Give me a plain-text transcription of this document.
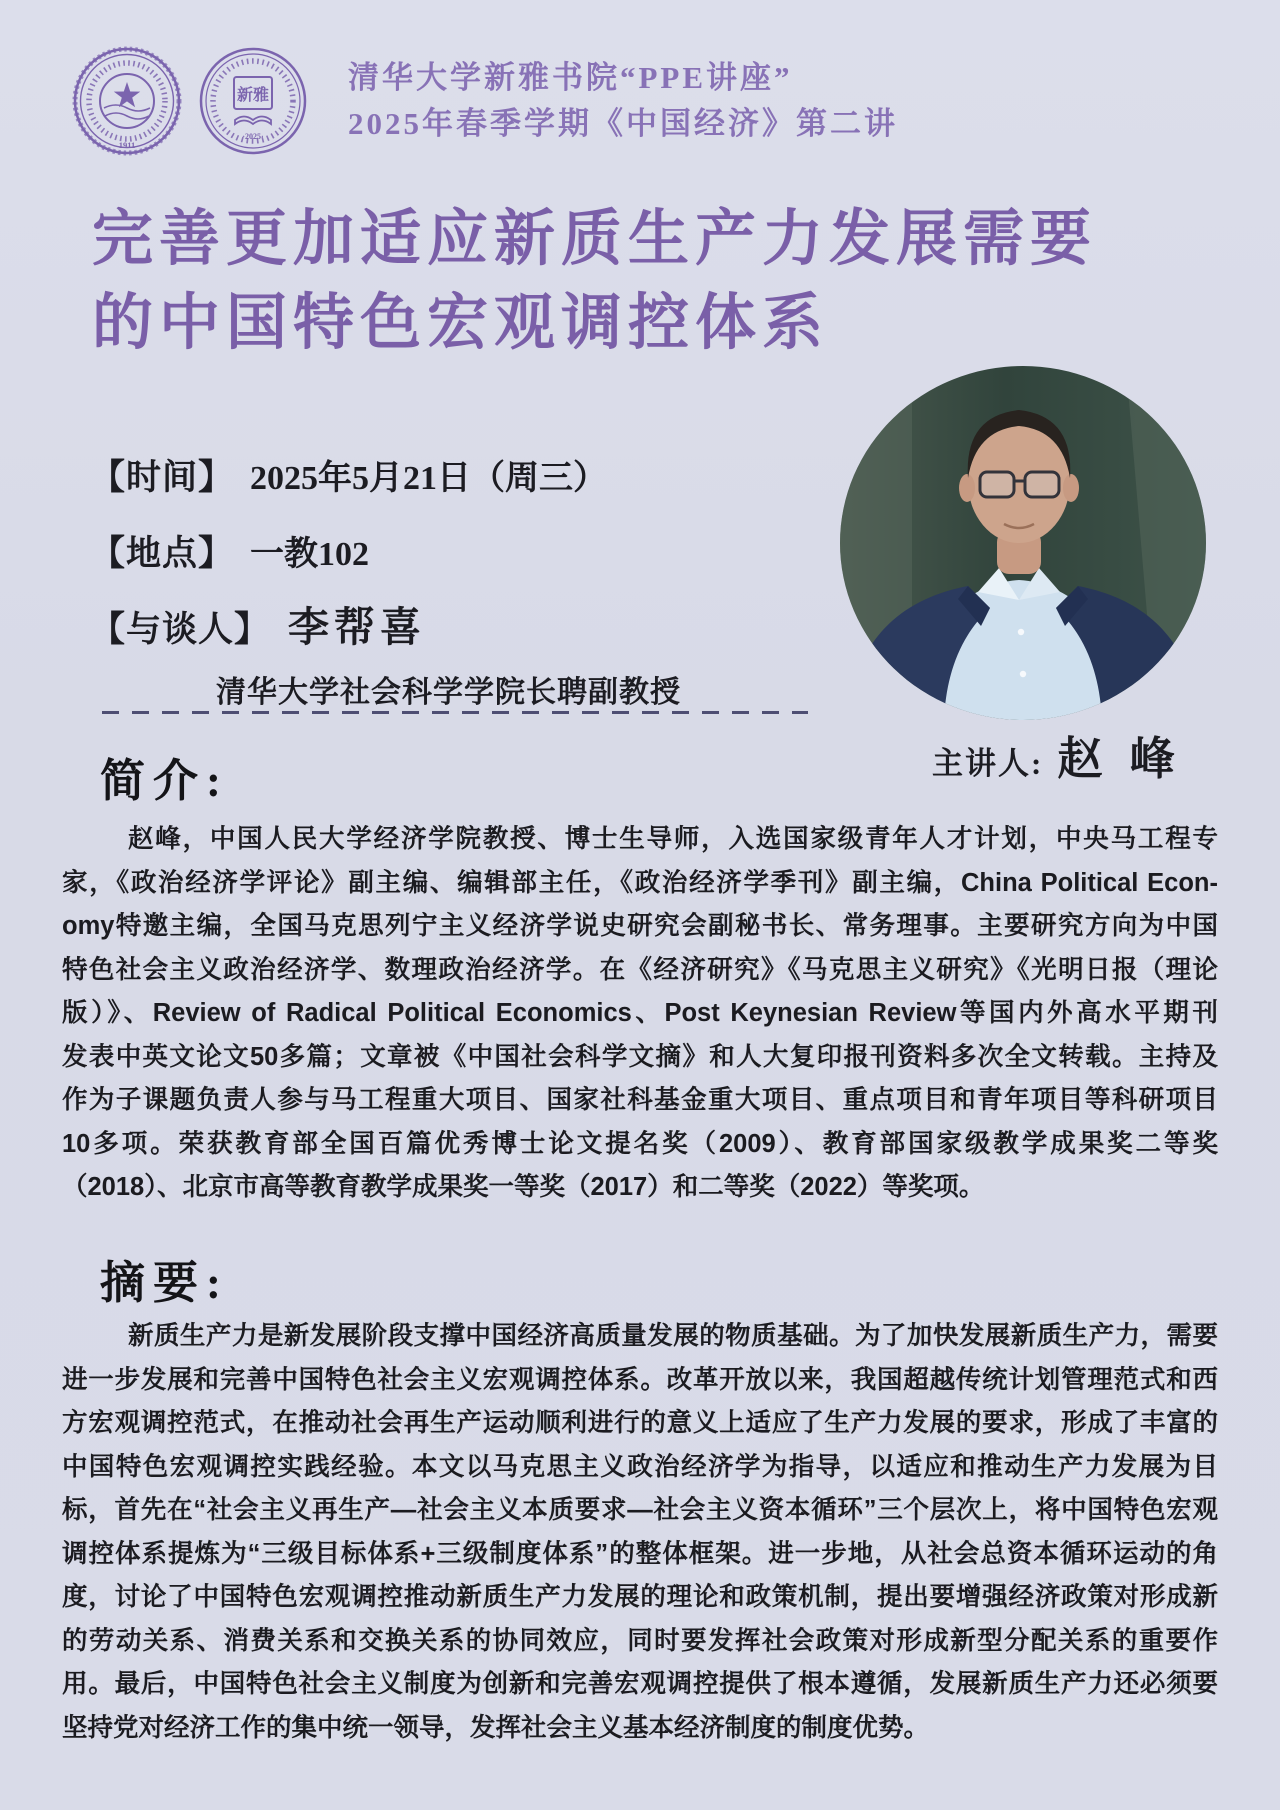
1911
新雅
·2025·
清华大学新雅书院“PPE讲座”
2025年春季学期《中国经济》第二讲
完善更加适应新质生产力发展需要
的中国特色宏观调控体系
【时间】 2025年5月21日（周三）
【地点】 一教102
【与谈人】 李帮喜
清华大学社会科学学院长聘副教授
主讲人: 赵 峰
简介:
赵峰，中国人民大学经济学院教授、博士生导师，入选国家级青年人才计划，中央马工程专
家，《政治经济学评论》副主编、编辑部主任，《政治经济学季刊》副主编，China Political Econ-
omy特邀主编，全国马克思列宁主义经济学说史研究会副秘书长、常务理事。主要研究方向为中国
特色社会主义政治经济学、数理政治经济学。在《经济研究》《马克思主义研究》《光明日报（理论
版）》、Review of Radical Political Economics、Post Keynesian Review等国内外高水平期刊
发表中英文论文50多篇；文章被《中国社会科学文摘》和人大复印报刊资料多次全文转载。主持及
作为子课题负责人参与马工程重大项目、国家社科基金重大项目、重点项目和青年项目等科研项目
10多项。荣获教育部全国百篇优秀博士论文提名奖（2009）、教育部国家级教学成果奖二等奖
（2018）、北京市高等教育教学成果奖一等奖（2017）和二等奖（2022）等奖项。
摘要:
新质生产力是新发展阶段支撑中国经济高质量发展的物质基础。为了加快发展新质生产力，需要
进一步发展和完善中国特色社会主义宏观调控体系。改革开放以来，我国超越传统计划管理范式和西
方宏观调控范式，在推动社会再生产运动顺利进行的意义上适应了生产力发展的要求，形成了丰富的
中国特色宏观调控实践经验。本文以马克思主义政治经济学为指导，以适应和推动生产力发展为目
标，首先在“社会主义再生产—社会主义本质要求—社会主义资本循环”三个层次上，将中国特色宏观
调控体系提炼为“三级目标体系+三级制度体系”的整体框架。进一步地，从社会总资本循环运动的角
度，讨论了中国特色宏观调控推动新质生产力发展的理论和政策机制，提出要增强经济政策对形成新
的劳动关系、消费关系和交换关系的协同效应，同时要发挥社会政策对形成新型分配关系的重要作
用。最后，中国特色社会主义制度为创新和完善宏观调控提供了根本遵循，发展新质生产力还必须要
坚持党对经济工作的集中统一领导，发挥社会主义基本经济制度的制度优势。
